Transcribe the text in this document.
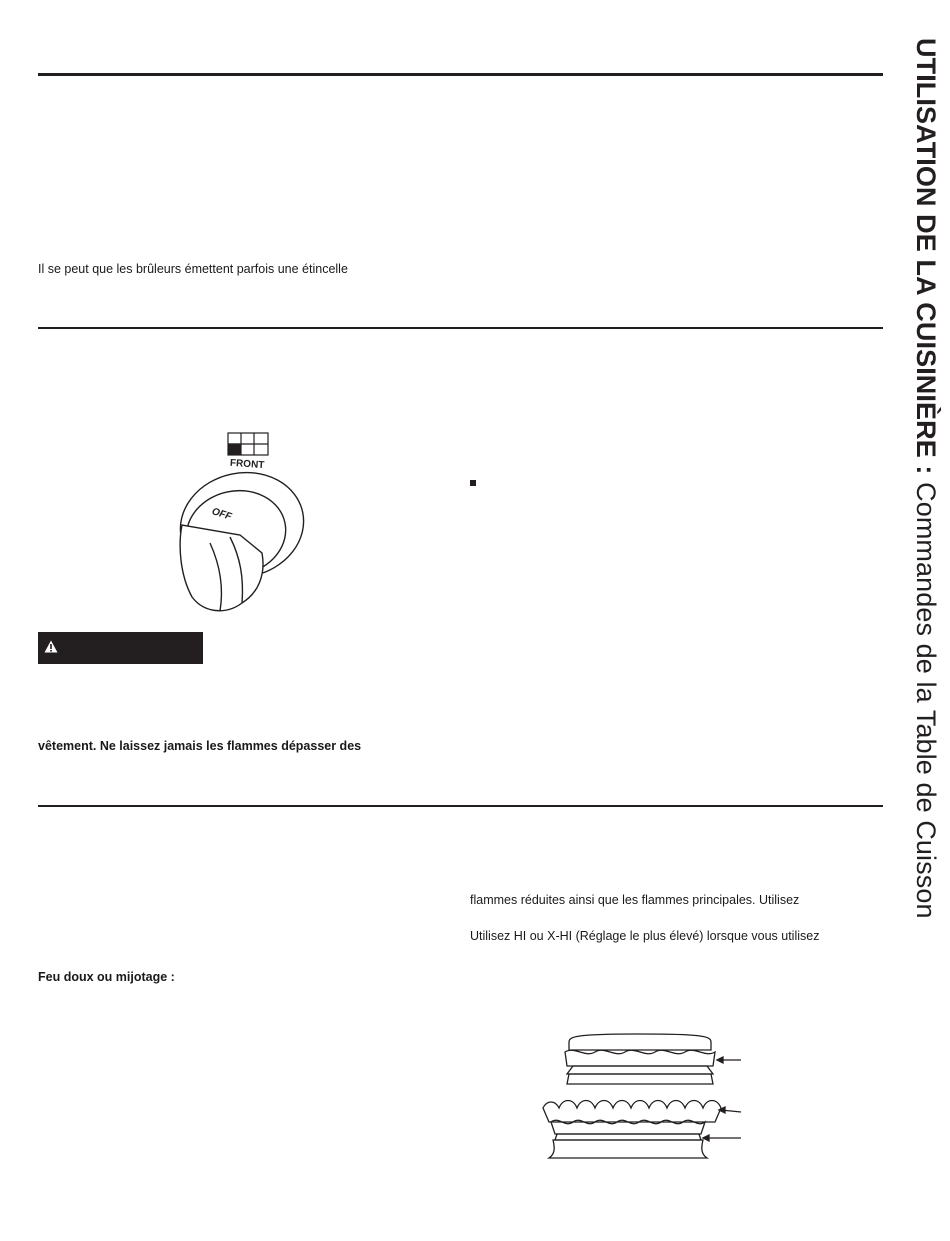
UTILISATION DE LA CUISINIÈRE : Commandes de la Table de Cuisson
Il se peut que les brûleurs émettent parfois une étincelle
FRONT
OFF
vêtement. Ne laissez jamais les flammes dépasser des
Feu doux ou mijotage :
flammes réduites ainsi que les flammes principales. Utilisez
Utilisez HI ou X-HI (Réglage le plus élevé) lorsque vous utilisez
